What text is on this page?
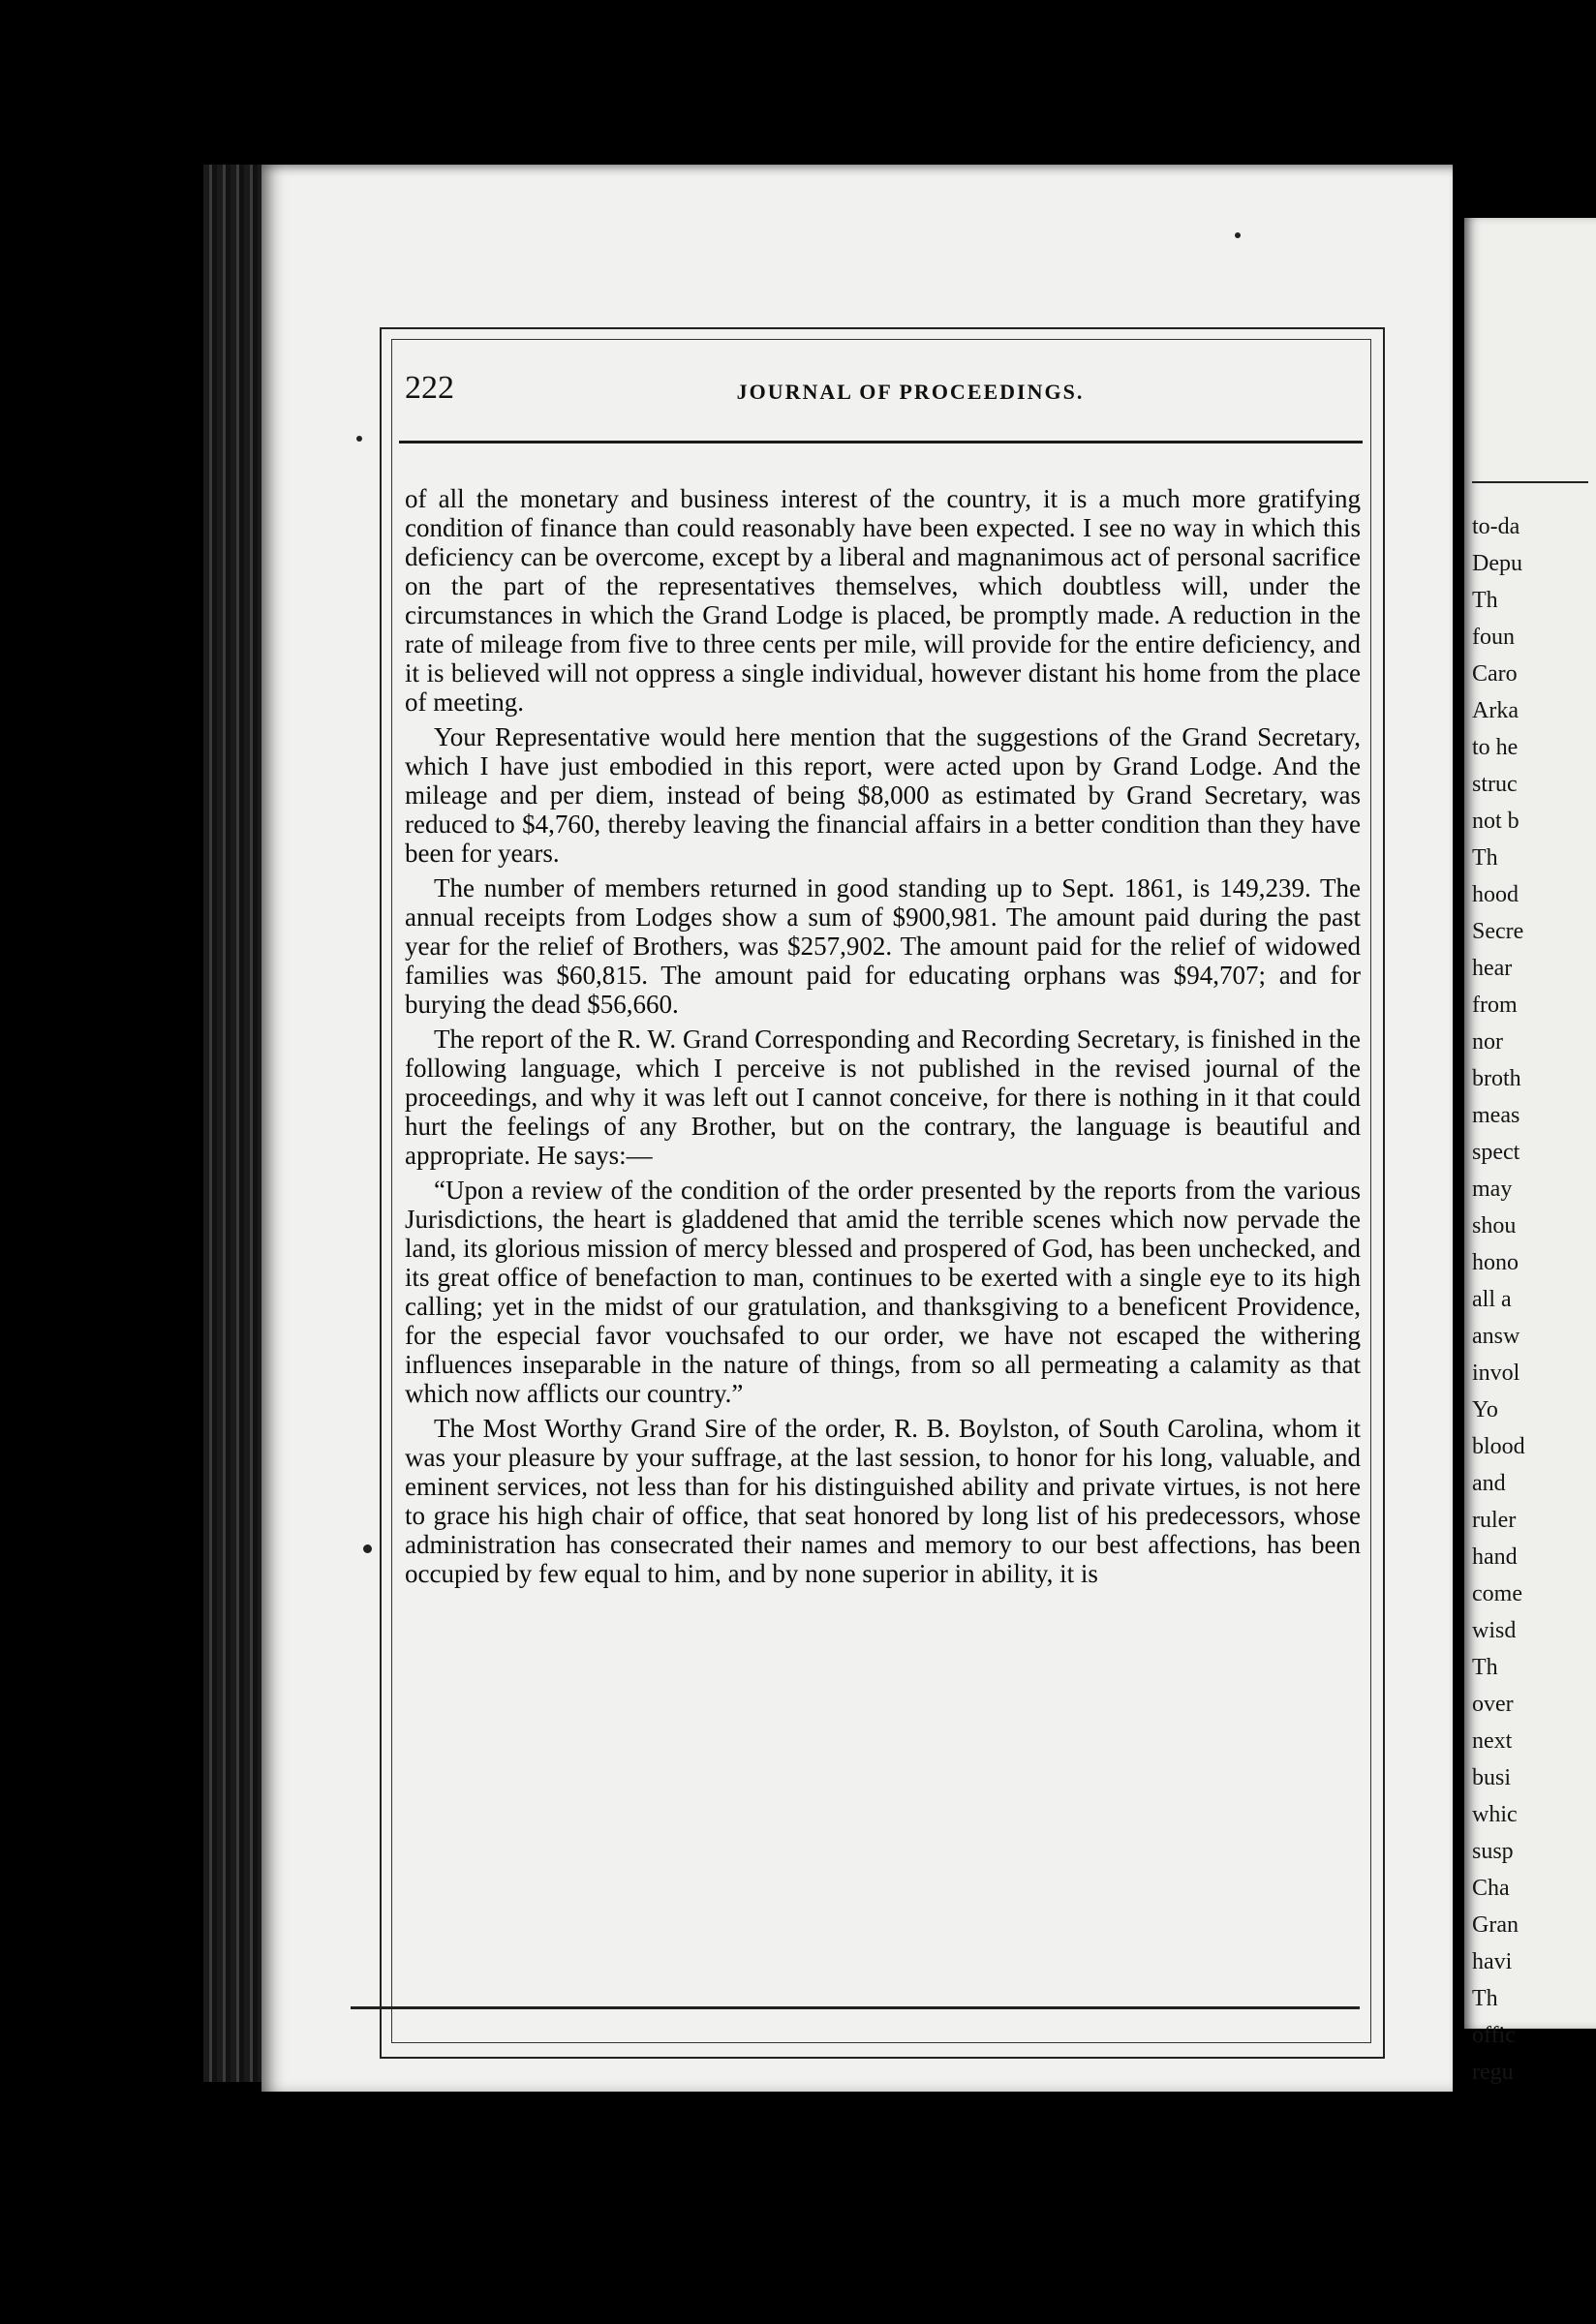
to-da
Depu
Th
foun
Caro
Arka
to he
struc
not b
Th
hood
Secre
hear
from
nor
broth
meas
spect
may
shou
hono
all a
answ
invol
Yo
blood
and
ruler
hand
come
wisd
Th
over
next
busi
whic
susp
Cha
Gran
havi
Th
offic
regu
222	JOURNAL OF PROCEEDINGS.

of all the monetary and business interest of the country, it is a much more gratifying condition of finance than could reasonably have been expected. I see no way in which this deficiency can be overcome, except by a liberal and magnanimous act of personal sacrifice on the part of the representatives themselves, which doubtless will, under the circumstances in which the Grand Lodge is placed, be promptly made. A reduction in the rate of mileage from five to three cents per mile, will provide for the entire deficiency, and it is believed will not oppress a single individual, however distant his home from the place of meeting.

Your Representative would here mention that the suggestions of the Grand Secretary, which I have just embodied in this report, were acted upon by Grand Lodge. And the mileage and per diem, instead of being $8,000 as estimated by Grand Secretary, was reduced to $4,760, thereby leaving the financial affairs in a better condition than they have been for years.

The number of members returned in good standing up to Sept. 1861, is 149,239. The annual receipts from Lodges show a sum of $900,981. The amount paid during the past year for the relief of Brothers, was $257,902. The amount paid for the relief of widowed families was $60,815. The amount paid for educating orphans was $94,707; and for burying the dead $56,660.

The report of the R. W. Grand Corresponding and Recording Secretary, is finished in the following language, which I perceive is not published in the revised journal of the proceedings, and why it was left out I cannot conceive, for there is nothing in it that could hurt the feelings of any Brother, but on the contrary, the language is beautiful and appropriate. He says:—

“Upon a review of the condition of the order presented by the reports from the various Jurisdictions, the heart is gladdened that amid the terrible scenes which now pervade the land, its glorious mission of mercy blessed and prospered of God, has been unchecked, and its great office of benefaction to man, continues to be exerted with a single eye to its high calling; yet in the midst of our gratulation, and thanksgiving to a beneficent Providence, for the especial favor vouchsafed to our order, we have not escaped the withering influences inseparable in the nature of things, from so all permeating a calamity as that which now afflicts our country.”

The Most Worthy Grand Sire of the order, R. B. Boylston, of South Carolina, whom it was your pleasure by your suffrage, at the last session, to honor for his long, valuable, and eminent services, not less than for his distinguished ability and private virtues, is not here to grace his high chair of office, that seat honored by long list of his predecessors, whose administration has consecrated their names and memory to our best affections, has been occupied by few equal to him, and by none superior in ability, it is
